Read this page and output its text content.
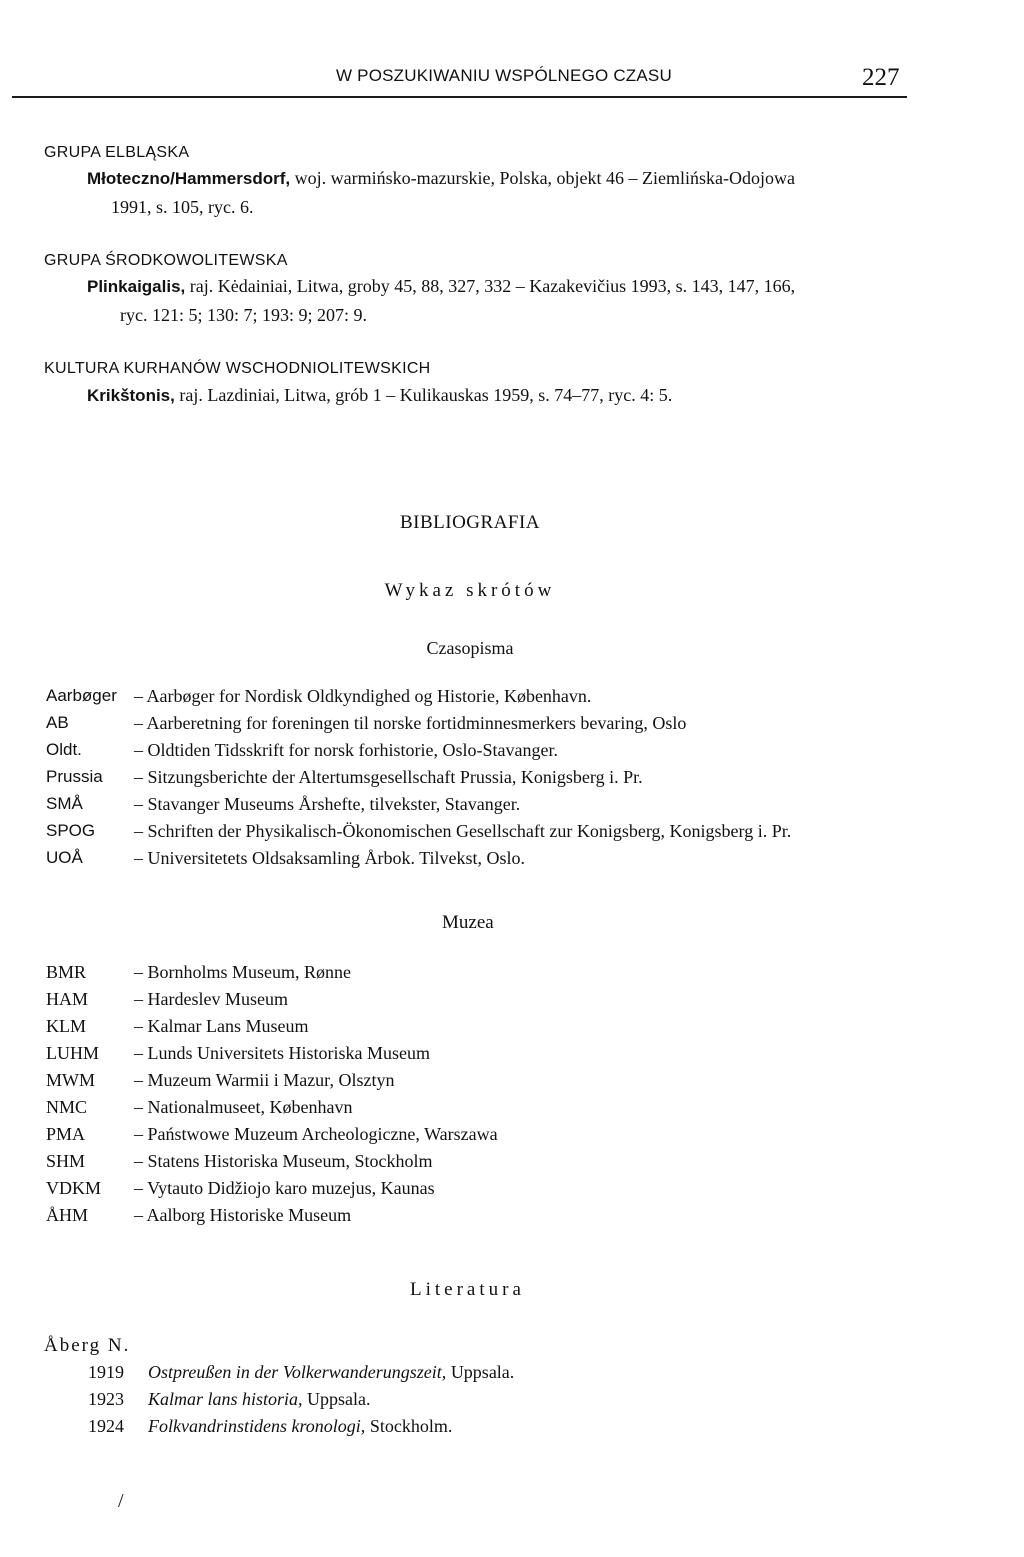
W POSZUKIWANIU WSPÓLNEGO CZASU	227
GRUPA ELBLĄSKA
Młoteczno/Hammersdorf, woj. warmińsko-mazurskie, Polska, objekt 46 – Ziemlińska-Odojowa
1991, s. 105, ryc. 6.
GRUPA ŚRODKOWOLITEWSKA
Plinkaigalis, raj. Kėdainiai, Litwa, groby 45, 88, 327, 332 – Kazakevičius 1993, s. 143, 147, 166,
ryc. 121: 5; 130: 7; 193: 9; 207: 9.
KULTURA KURHANÓW WSCHODNIOLITEWSKICH
Krikštonis, raj. Lazdiniai, Litwa, grób 1 – Kulikauskas 1959, s. 74–77, ryc. 4: 5.
BIBLIOGRAFIA
Wykaz skrótów
Czasopisma
Aarbøger – Aarbøger for Nordisk Oldkyndighed og Historie, København.
AB	– Aarberetning for foreningen til norske fortidminnesmerkers bevaring, Oslo
Oldt.	– Oldtiden Tidsskrift for norsk forhistorie, Oslo-Stavanger.
Prussia – Sitzungsberichte der Altertumsgesellschaft Prussia, Konigsberg i. Pr.
SMÅ	– Stavanger Museums Årshefte, tilvekster, Stavanger.
SPOG – Schriften der Physikalisch-Ökonomischen Gesellschaft zur Konigsberg, Konigsberg i. Pr.
UOÅ	– Universitetets Oldsaksamling Årbok. Tilvekst, Oslo.
Muzea
BMR	– Bornholms Museum, Rønne
HAM	– Hardeslev Museum
KLM	– Kalmar Lans Museum
LUHM – Lunds Universitets Historiska Museum
MWM – Muzeum Warmii i Mazur, Olsztyn
NMC	– Nationalmuseet, København
PMA	– Państwowe Muzeum Archeologiczne, Warszawa
SHM	– Statens Historiska Museum, Stockholm
VDKM – Vytauto Didžiojo karo muzejus, Kaunas
ÅHM	– Aalborg Historiske Museum
Literatura
Åberg N.
1919 Ostpreußen in der Volkerwanderungszeit, Uppsala.
1923 Kalmar lans historia, Uppsala.
1924 Folkvandrinstidens kronologi, Stockholm.
/
